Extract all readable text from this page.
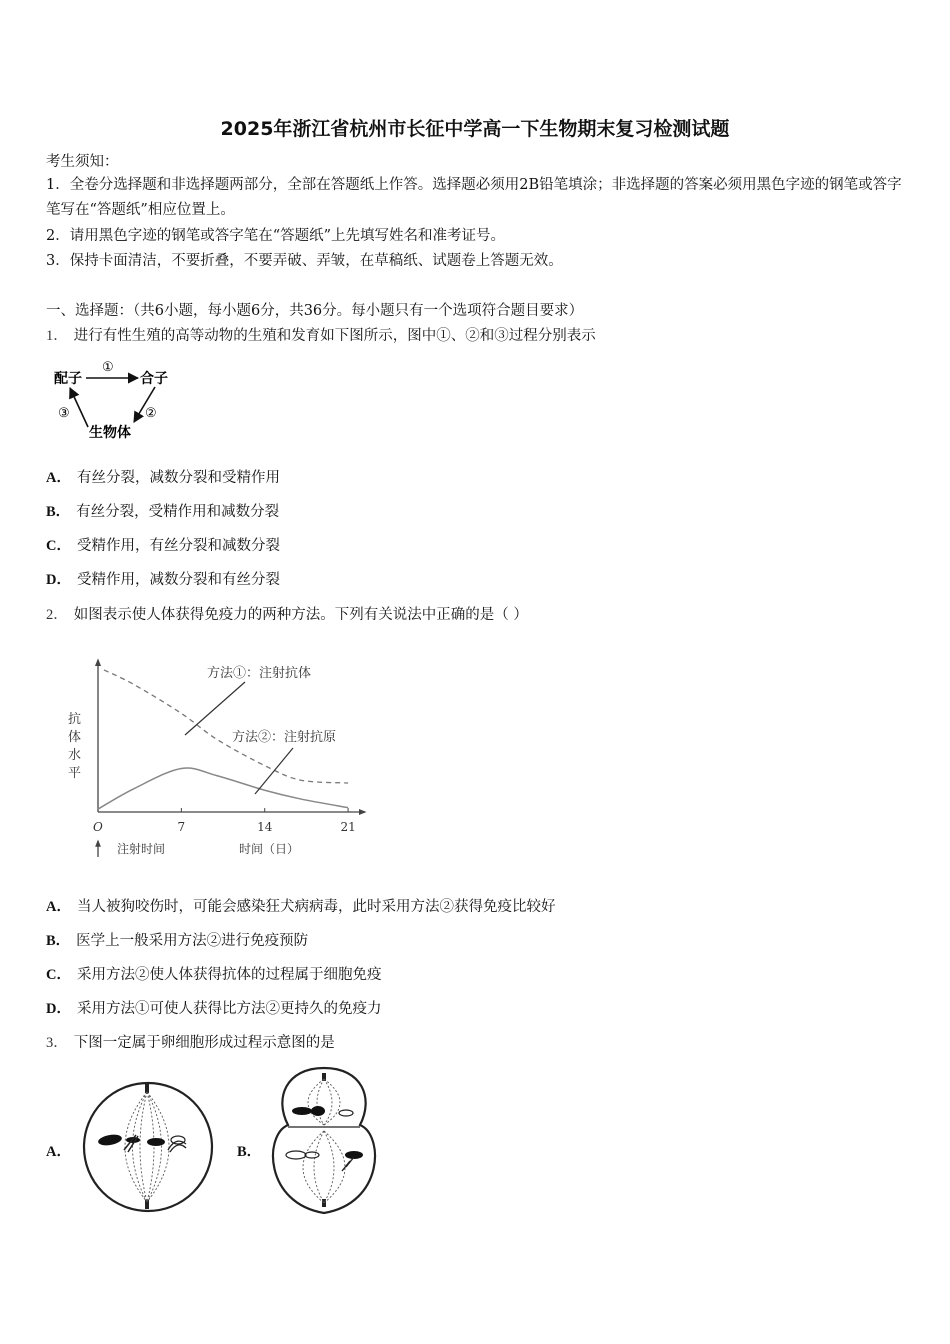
2025年浙江省杭州市长征中学高一下生物期末复习检测试题
考生须知：
1．全卷分选择题和非选择题两部分，全部在答题纸上作答。选择题必须用2B铅笔填涂；非选择题的答案必须用黑色字迹的钢笔或答字笔写在“答题纸”相应位置上。
2．请用黑色字迹的钢笔或答字笔在“答题纸”上先填写姓名和准考证号。
3．保持卡面清洁，不要折叠，不要弄破、弄皱，在草稿纸、试题卷上答题无效。
一、选择题：（共6小题，每小题6分，共36分。每小题只有一个选项符合题目要求）
1． 进行有性生殖的高等动物的生殖和发育如下图所示，图中①、②和③过程分别表示
配子	合子
生物体
①
②
③
A． 有丝分裂，减数分裂和受精作用
B． 有丝分裂，受精作用和减数分裂
C． 受精作用，有丝分裂和减数分裂
D． 受精作用，减数分裂和有丝分裂
2． 如图表示使人体获得免疫力的两种方法。下列有关说法中正确的是（ ）
抗体水平
O	7	14	21
方法①：注射抗体
方法②：注射抗原
注射时间	时间（日）
A． 当人被狗咬伤时，可能会感染狂犬病病毒，此时采用方法②获得免疫比较好
B． 医学上一般采用方法②进行免疫预防
C． 采用方法②使人体获得抗体的过程属于细胞免疫
D． 采用方法①可使人获得比方法②更持久的免疫力
3． 下图一定属于卵细胞形成过程示意图的是
A．	B．
